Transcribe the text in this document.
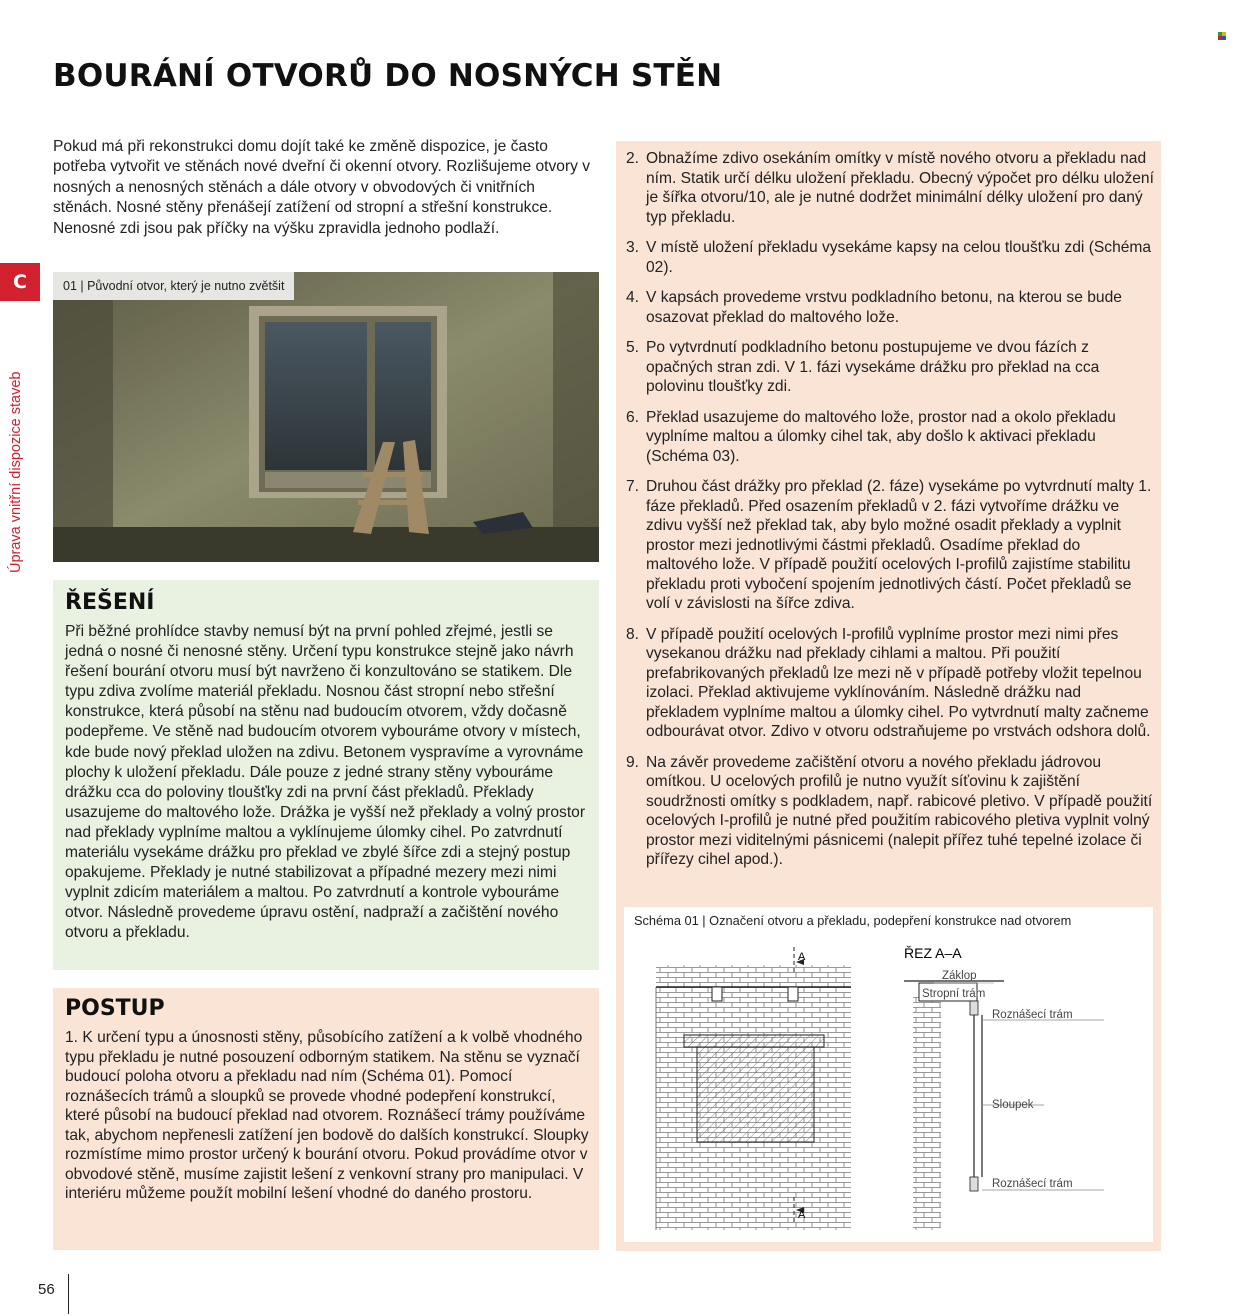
BOURÁNÍ OTVORŮ DO NOSNÝCH STĚN

Pokud má při rekonstrukci domu dojít také ke změně dispozice, je často potřeba vytvořit ve stěnách nové dveřní či okenní otvory. Rozlišujeme otvory v nosných a nenosných stěnách a dále otvory v obvodových či vnitřních stěnách. Nosné stěny přenášejí zatížení od stropní a střešní konstrukce. Nenosné zdi jsou pak příčky na výšku zpravidla jednoho podlaží.

C
Úprava vnitřní dispozice staveb
01 | Původní otvor, který je nutno zvětšit
ŘEŠENÍ

Při běžné prohlídce stavby nemusí být na první pohled zřejmé, jestli se jedná o nosné či nenosné stěny. Určení typu konstrukce stejně jako návrh řešení bourání otvoru musí být navrženo či konzultováno se statikem. Dle typu zdiva zvolíme materiál překladu. Nosnou část stropní nebo střešní konstrukce, která působí na stěnu nad budoucím otvorem, vždy dočasně podepřeme. Ve stěně nad budoucím otvorem vybouráme otvory v místech, kde bude nový překlad uložen na zdivu. Betonem vyspravíme a vyrovnáme plochy k uložení překladu. Dále pouze z jedné strany stěny vybouráme drážku cca do poloviny tloušťky zdi na první část překladů. Překlady usazujeme do maltového lože. Drážka je vyšší než překlady a volný prostor nad překlady vyplníme maltou a vyklínujeme úlomky cihel. Po zatvrdnutí materiálu vysekáme drážku pro překlad ve zbylé šířce zdi a stejný postup opakujeme. Překlady je nutné stabilizovat a případné mezery mezi nimi vyplnit zdicím materiálem a maltou. Po zatvrdnutí a kontrole vybouráme otvor. Následně provedeme úpravu ostění, nadpraží a začištění nového otvoru a překladu.

POSTUP

1. K určení typu a únosnosti stěny, působícího zatížení a k volbě vhodného typu překladu je nutné posouzení odborným statikem. Na stěnu se vyznačí budoucí poloha otvoru a překladu nad ním (Schéma 01). Pomocí roznášecích trámů a sloupků se provede vhodné podepření konstrukcí, které působí na budoucí překlad nad otvorem. Roznášecí trámy používáme tak, abychom nepřenesli zatížení jen bodově do dalších konstrukcí. Sloupky rozmístíme mimo prostor určený k bourání otvoru. Pokud provádíme otvor v obvodové stěně, musíme zajistit lešení z venkovní strany pro manipulaci. V interiéru můžeme použít mobilní lešení vhodné do daného prostoru.

2. Obnažíme zdivo osekáním omítky v místě nového otvoru a překladu nad ním. Statik určí délku uložení překladu. Obecný výpočet pro délku uložení je šířka otvoru/10, ale je nutné dodržet minimální délky uložení pro daný typ překladu.
3. V místě uložení překladu vysekáme kapsy na celou tloušťku zdi (Schéma 02).
4. V kapsách provedeme vrstvu podkladního betonu, na kterou se bude osazovat překlad do maltového lože.
5. Po vytvrdnutí podkladního betonu postupujeme ve dvou fázích z opačných stran zdi. V 1. fázi vysekáme drážku pro překlad na cca polovinu tloušťky zdi.
6. Překlad usazujeme do maltového lože, prostor nad a okolo překladu vyplníme maltou a úlomky cihel tak, aby došlo k aktivaci překladu (Schéma 03).
7. Druhou část drážky pro překlad (2. fáze) vysekáme po vytvrdnutí malty 1. fáze překladů. Před osazením překladů v 2. fázi vytvoříme drážku ve zdivu vyšší než překlad tak, aby bylo možné osadit překlady a vyplnit prostor mezi jednotlivými částmi překladů. Osadíme překlad do maltového lože. V případě použití ocelových I-profilů zajistíme stabilitu překladu proti vybočení spojením jednotlivých částí. Počet překladů se volí v závislosti na šířce zdiva.
8. V případě použití ocelových I-profilů vyplníme prostor mezi nimi přes vysekanou drážku nad překlady cihlami a maltou. Při použití prefabrikovaných překladů lze mezi ně v případě potřeby vložit tepelnou izolaci. Překlad aktivujeme vyklínováním. Následně drážku nad překladem vyplníme maltou a úlomky cihel. Po vytvrdnutí malty začneme odbourávat otvor. Zdivo v otvoru odstraňujeme po vrstvách odshora dolů.
9. Na závěr provedeme začištění otvoru a nového překladu jádrovou omítkou. U ocelových profilů je nutno využít síťovinu k zajištění soudržnosti omítky s podkladem, např. rabicové pletivo. V případě použití ocelových I-profilů je nutné před použitím rabicového pletiva vyplnit volný prostor mezi viditelnými pásnicemi (nalepit přířez tuhé tepelné izolace či přířezy cihel apod.).
Schéma 01 | Označení otvoru a překladu, podepření konstrukce nad otvorem
A
A
ŘEZ A–A
Záklop
Stropní trám
Roznášecí trám
Sloupek
Roznášecí trám
56
